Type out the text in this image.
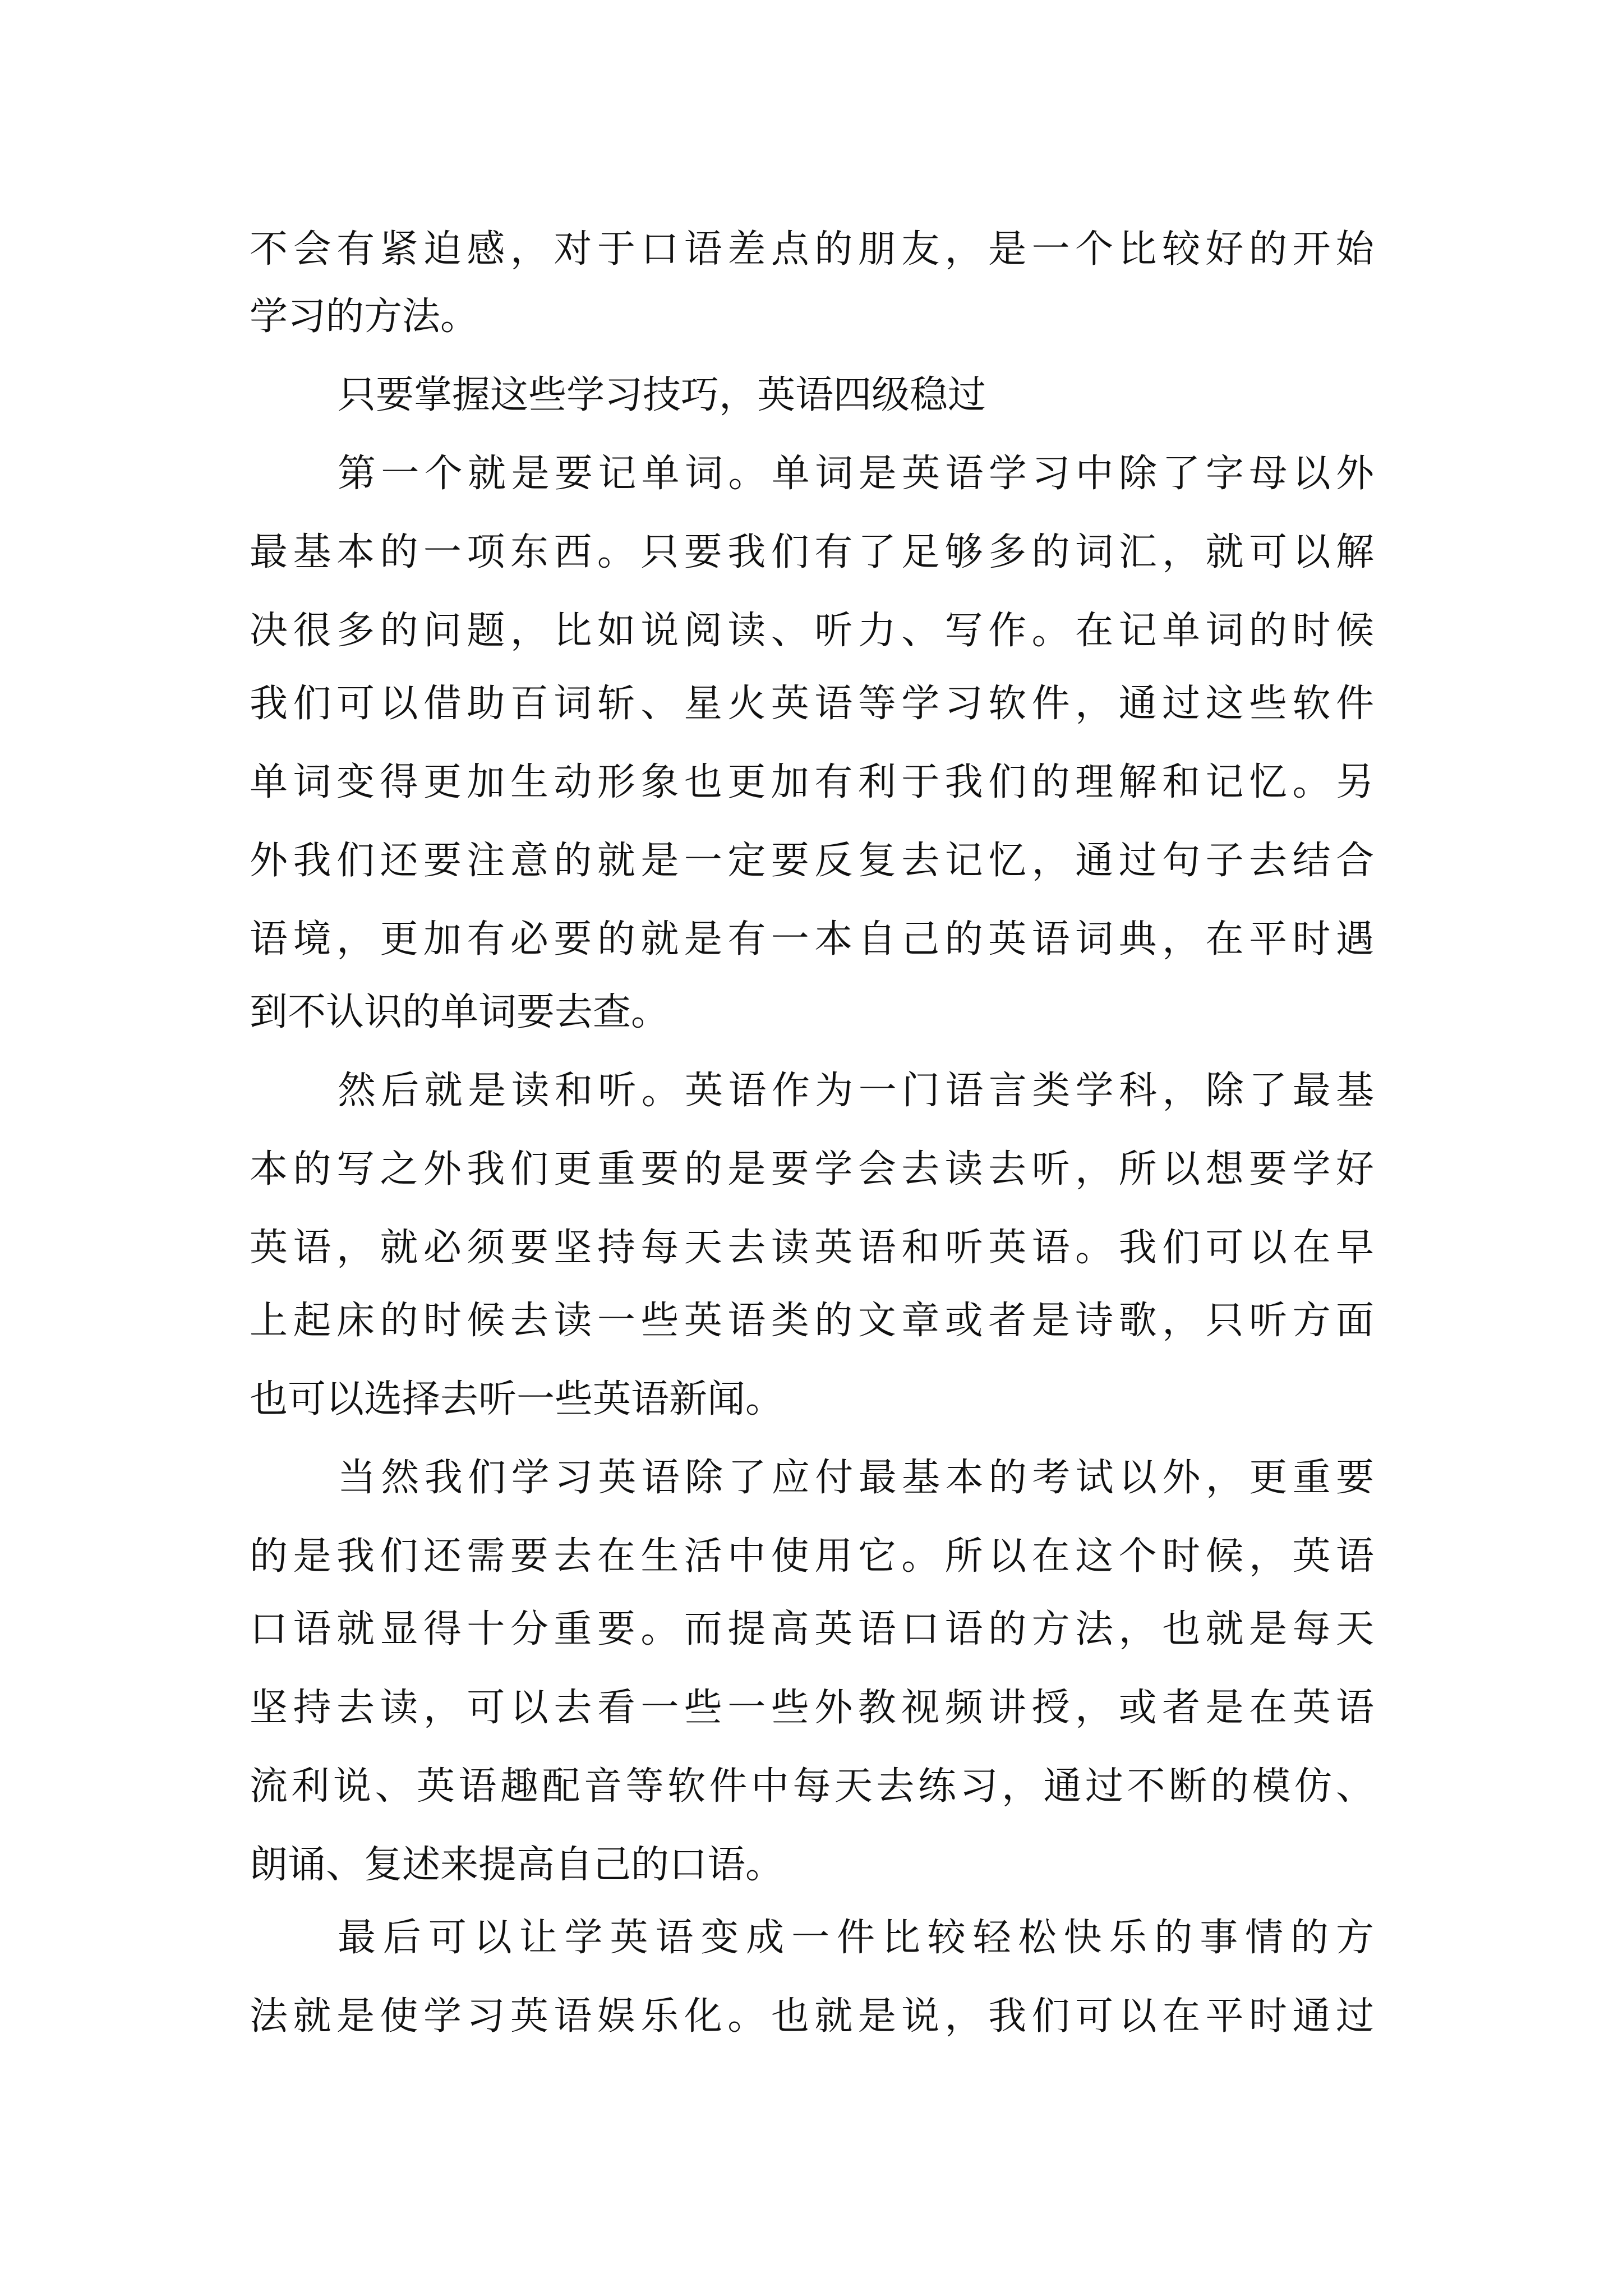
不会有紧迫感，对于口语差点的朋友，是一个比较好的开始
学习的方法。
只要掌握这些学习技巧，英语四级稳过
第一个就是要记单词。单词是英语学习中除了字母以外
最基本的一项东西。只要我们有了足够多的词汇，就可以解
决很多的问题，比如说阅读、听力、写作。在记单词的时候
我们可以借助百词斩、星火英语等学习软件，通过这些软件
单词变得更加生动形象也更加有利于我们的理解和记忆。另
外我们还要注意的就是一定要反复去记忆，通过句子去结合
语境，更加有必要的就是有一本自己的英语词典，在平时遇
到不认识的单词要去查。
然后就是读和听。英语作为一门语言类学科，除了最基
本的写之外我们更重要的是要学会去读去听，所以想要学好
英语，就必须要坚持每天去读英语和听英语。我们可以在早
上起床的时候去读一些英语类的文章或者是诗歌，只听方面
也可以选择去听一些英语新闻。
当然我们学习英语除了应付最基本的考试以外，更重要
的是我们还需要去在生活中使用它。所以在这个时候，英语
口语就显得十分重要。而提高英语口语的方法，也就是每天
坚持去读，可以去看一些一些外教视频讲授，或者是在英语
流利说、英语趣配音等软件中每天去练习，通过不断的模仿、
朗诵、复述来提高自己的口语。
最后可以让学英语变成一件比较轻松快乐的事情的方
法就是使学习英语娱乐化。也就是说，我们可以在平时通过
